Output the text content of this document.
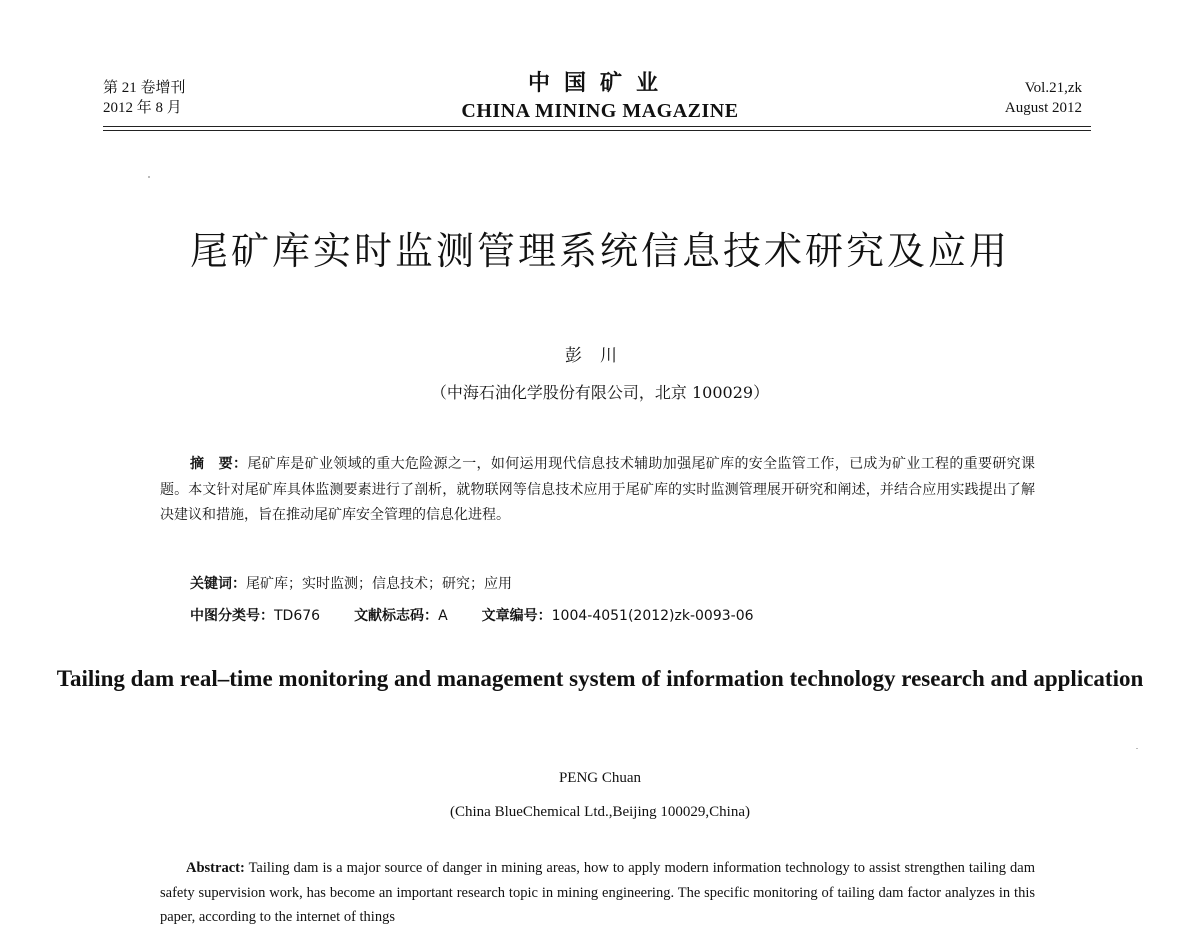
第 21 卷增刊
2012 年 8 月
中国矿业
CHINA MINING MAGAZINE
Vol.21,zk
August 2012
尾矿库实时监测管理系统信息技术研究及应用
彭川
（中海石油化学股份有限公司，北京 100029）
摘　要：尾矿库是矿业领域的重大危险源之一，如何运用现代信息技术辅助加强尾矿库的安全监管工作，已成为矿业工程的重要研究课题。本文针对尾矿库具体监测要素进行了剖析，就物联网等信息技术应用于尾矿库的实时监测管理展开研究和阐述，并结合应用实践提出了解决建议和措施，旨在推动尾矿库安全管理的信息化进程。
关键词：尾矿库；实时监测；信息技术；研究；应用
中图分类号：TD676 文献标志码：A 文章编号：1004-4051(2012)zk-0093-06
Tailing dam real–time monitoring and management system of information technology research and application
PENG Chuan
(China BlueChemical Ltd.,Beijing 100029,China)
Abstract: Tailing dam is a major source of danger in mining areas, how to apply modern information technology to assist strengthen tailing dam safety supervision work, has become an important research topic in mining engineering. The specific monitoring of tailing dam factor analyzes in this paper, according to the internet of things
